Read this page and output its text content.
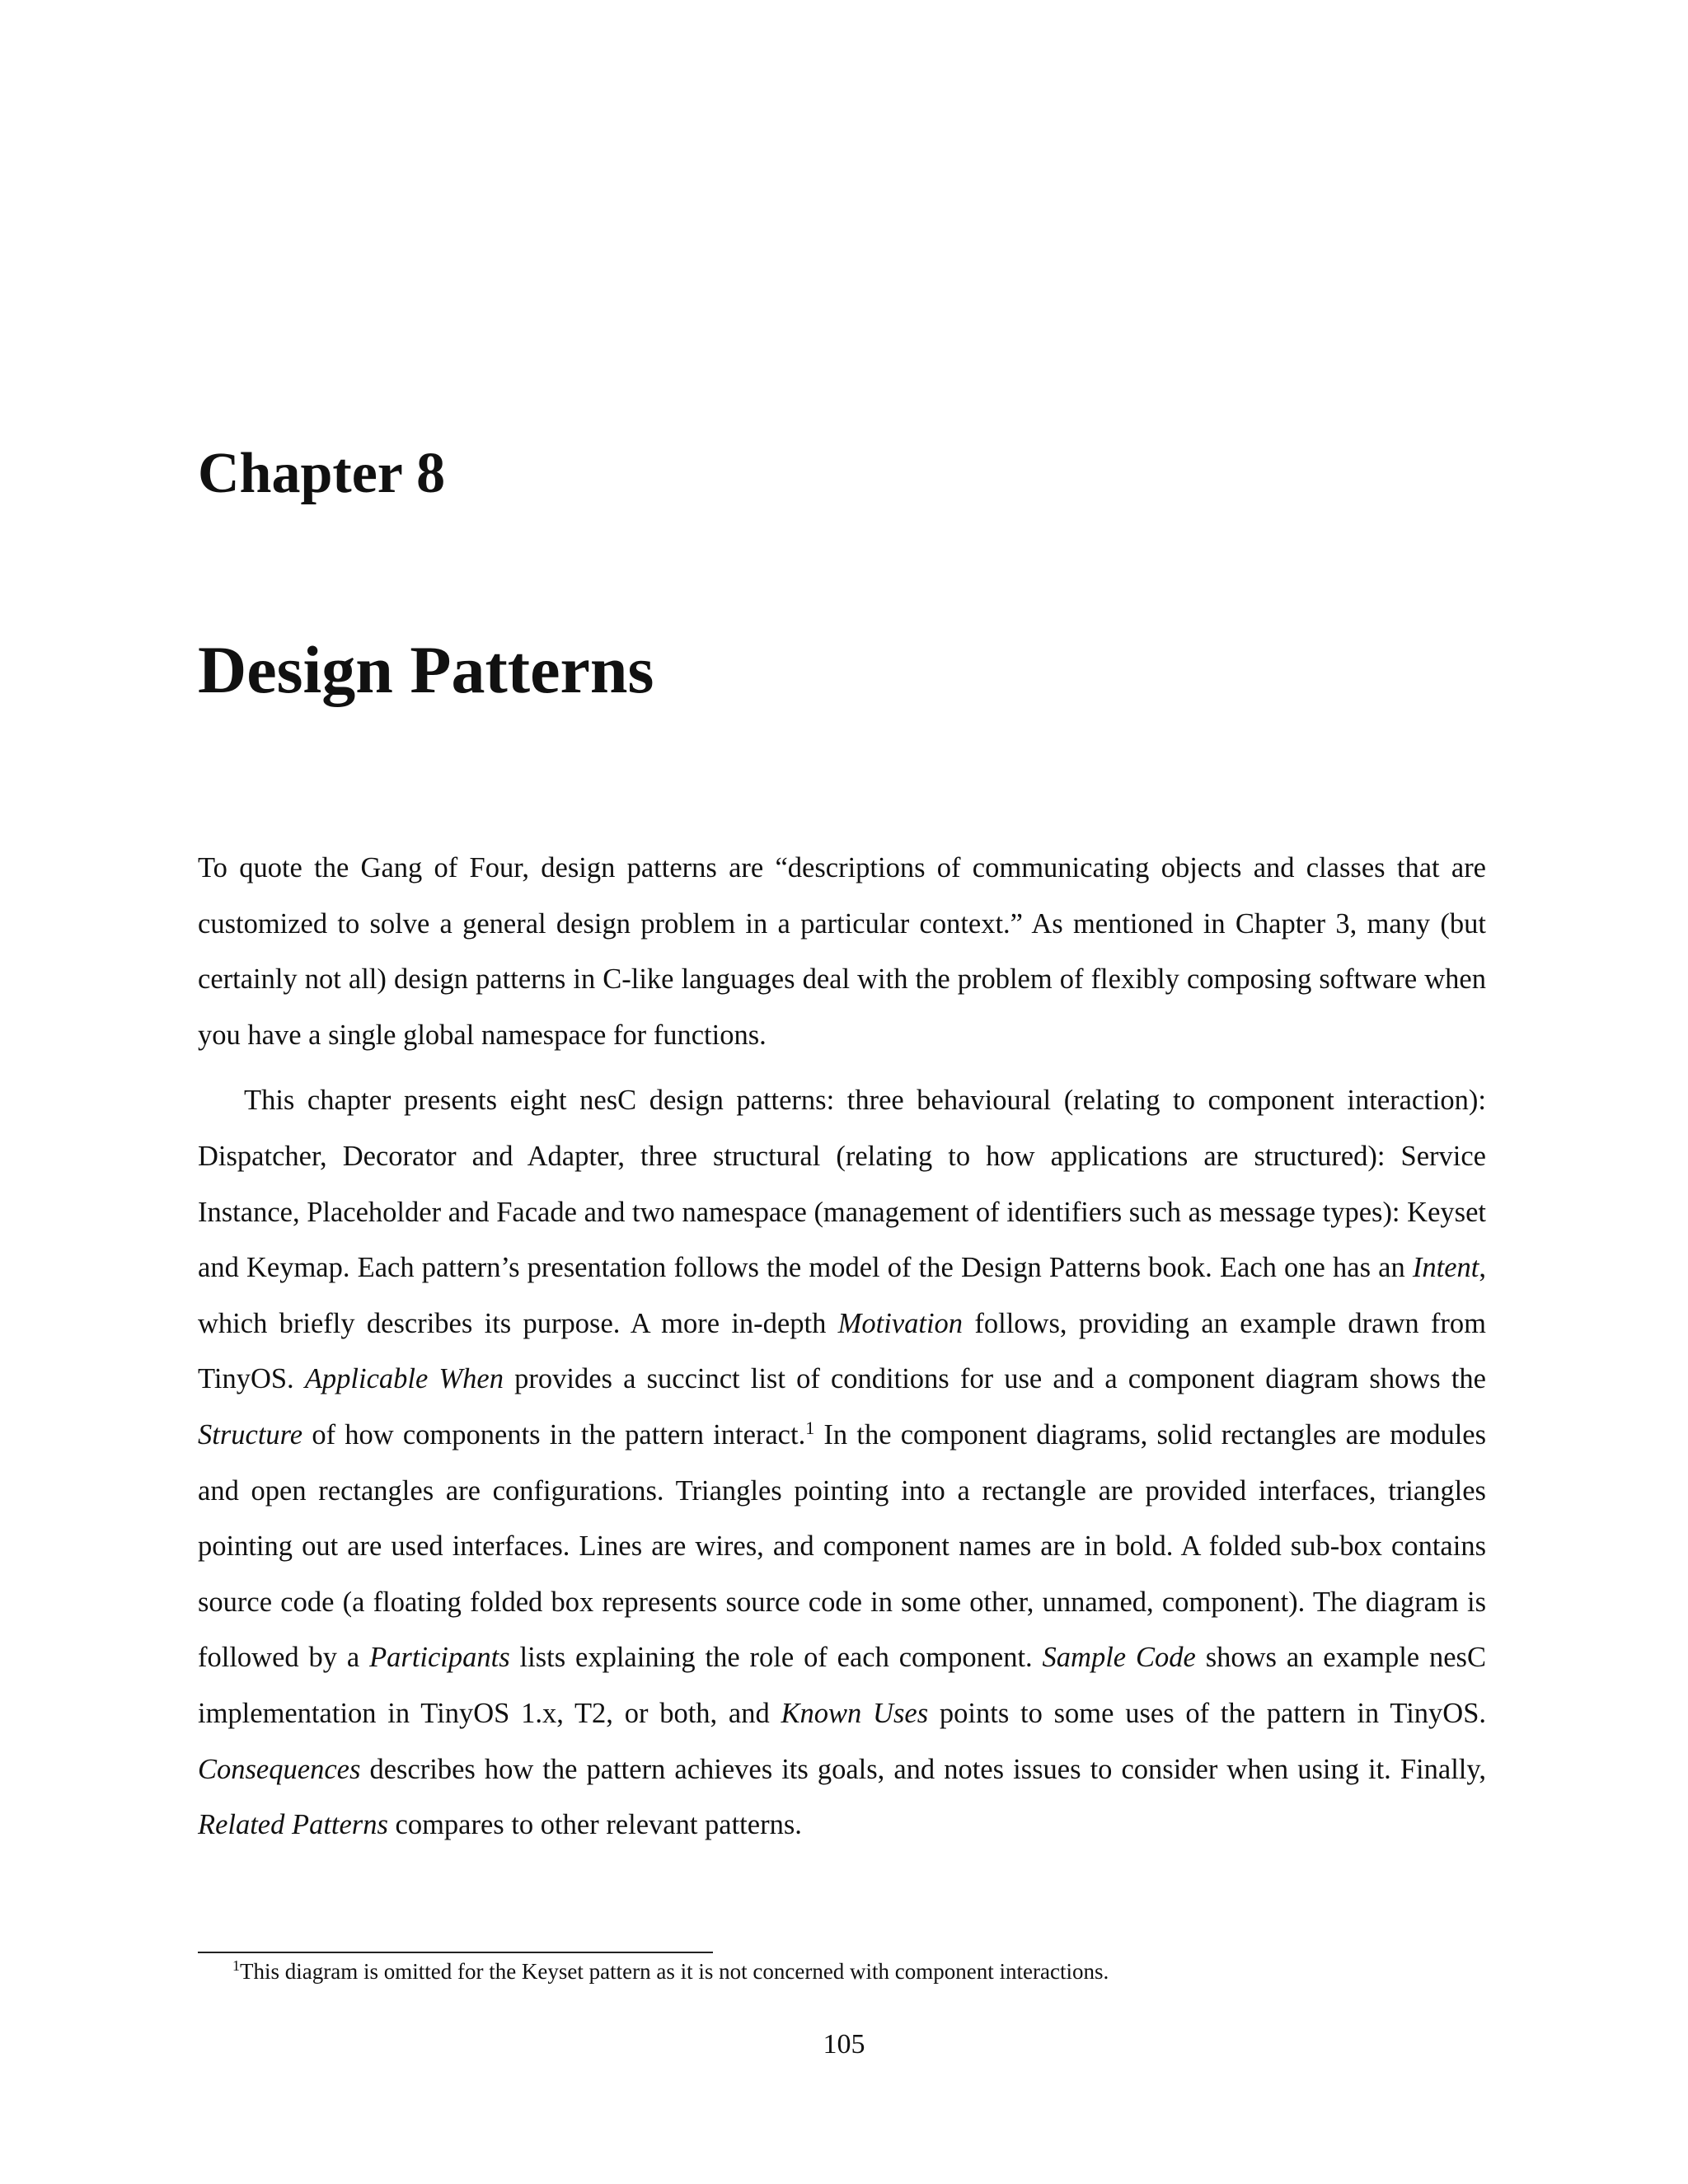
Chapter 8
Design Patterns

To quote the Gang of Four, design patterns are “descriptions of communicating objects and classes that are customized to solve a general design problem in a particular context.” As mentioned in Chapter 3, many (but certainly not all) design patterns in C-like languages deal with the problem of flexibly composing software when you have a single global namespace for functions.

This chapter presents eight nesC design patterns: three behavioural (relating to component interaction): Dispatcher, Decorator and Adapter, three structural (relating to how applications are structured): Service Instance, Placeholder and Facade and two namespace (management of identifiers such as message types): Keyset and Keymap. Each pattern’s presentation follows the model of the Design Patterns book. Each one has an Intent, which briefly describes its purpose. A more in-depth Motivation follows, providing an example drawn from TinyOS. Applicable When provides a succinct list of conditions for use and a component diagram shows the Structure of how components in the pattern interact.$^1$ In the component diagrams, solid rectangles are modules and open rectangles are configurations. Triangles pointing into a rectangle are provided interfaces, triangles pointing out are used interfaces. Lines are wires, and component names are in bold. A folded sub-box contains source code (a floating folded box represents source code in some other, unnamed, component). The diagram is followed by a Participants lists explaining the role of each component. Sample Code shows an example nesC implementation in TinyOS 1.x, T2, or both, and Known Uses points to some uses of the pattern in TinyOS. Consequences describes how the pattern achieves its goals, and notes issues to consider when using it. Finally, Related Patterns compares to other relevant patterns.

$^1$This diagram is omitted for the Keyset pattern as it is not concerned with component interactions.

105
